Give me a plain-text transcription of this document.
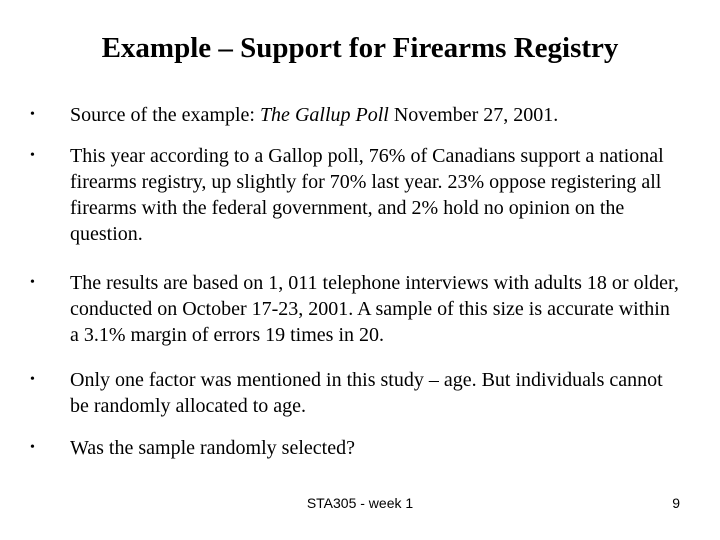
Example – Support for Firearms Registry
•	Source of the example: The Gallup Poll November 27, 2001.
•	This year according to a Gallop poll, 76% of Canadians support a national firearms registry, up slightly for 70% last year. 23% oppose registering all firearms with the federal government, and 2% hold no opinion on the question.
•	The results are based on 1, 011 telephone interviews with adults 18 or older, conducted on October 17-23, 2001. A sample of this size is accurate within a 3.1% margin of errors 19 times in 20.
•	Only one factor was mentioned in this study – age. But individuals cannot be randomly allocated to age.
•	Was the sample randomly selected?
STA305 - week 1	9
